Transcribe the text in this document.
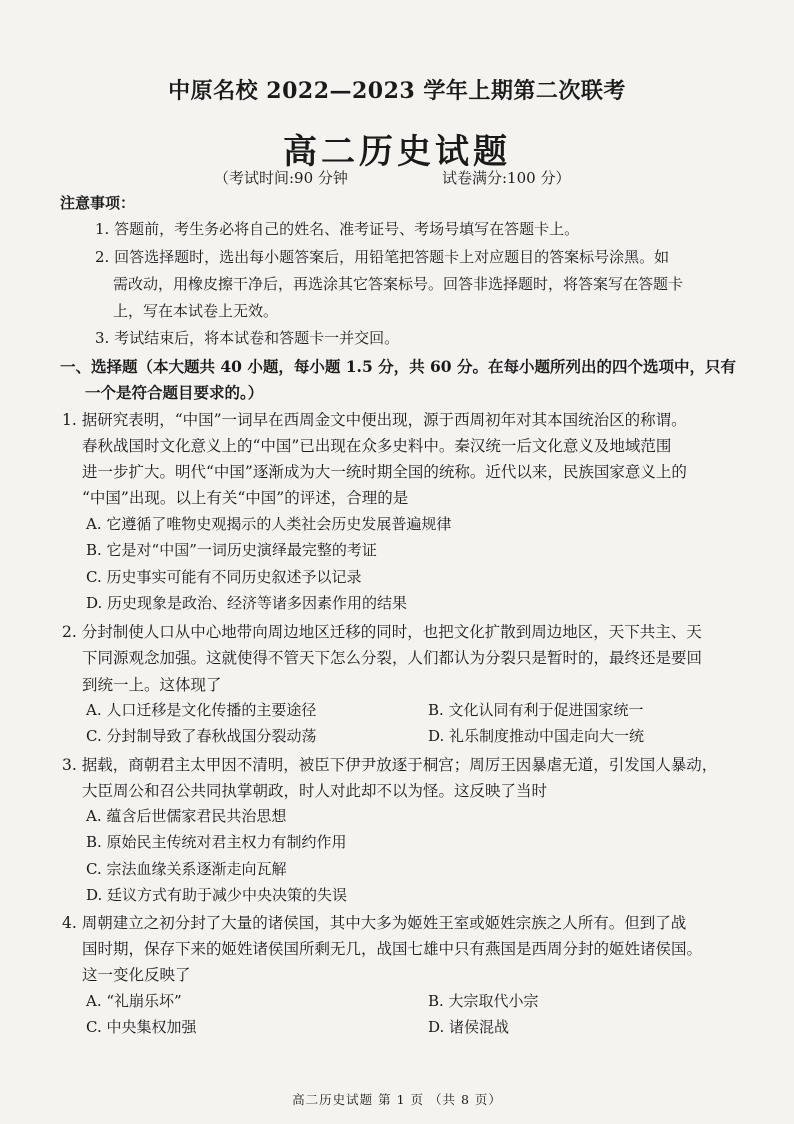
中原名校 2022—2023 学年上期第二次联考
高二历史试题
（考试时间:90 分钟	试卷满分:100 分）
注意事项：
1. 答题前，考生务必将自己的姓名、准考证号、考场号填写在答题卡上。
2. 回答选择题时，选出每小题答案后，用铅笔把答题卡上对应题目的答案标号涂黑。如
需改动，用橡皮擦干净后，再选涂其它答案标号。回答非选择题时，将答案写在答题卡
上，写在本试卷上无效。
3. 考试结束后，将本试卷和答题卡一并交回。
一、选择题（本大题共 40 小题，每小题 1.5 分，共 60 分。在每小题所列出的四个选项中，只有
一个是符合题目要求的。）
1. 据研究表明，“中国”一词早在西周金文中便出现，源于西周初年对其本国统治区的称谓。
春秋战国时文化意义上的“中国”已出现在众多史料中。秦汉统一后文化意义及地域范围
进一步扩大。明代“中国”逐渐成为大一统时期全国的统称。近代以来，民族国家意义上的
“中国”出现。以上有关“中国”的评述，合理的是
A. 它遵循了唯物史观揭示的人类社会历史发展普遍规律
B. 它是对“中国”一词历史演绎最完整的考证
C. 历史事实可能有不同历史叙述予以记录
D. 历史现象是政治、经济等诸多因素作用的结果
2. 分封制使人口从中心地带向周边地区迁移的同时，也把文化扩散到周边地区，天下共主、天
下同源观念加强。这就使得不管天下怎么分裂，人们都认为分裂只是暂时的，最终还是要回
到统一上。这体现了
A. 人口迁移是文化传播的主要途径	B. 文化认同有利于促进国家统一
C. 分封制导致了春秋战国分裂动荡	D. 礼乐制度推动中国走向大一统
3. 据载，商朝君主太甲因不清明，被臣下伊尹放逐于桐宫；周厉王因暴虐无道，引发国人暴动，
大臣周公和召公共同执掌朝政，时人对此却不以为怪。这反映了当时
A. 蕴含后世儒家君民共治思想
B. 原始民主传统对君主权力有制约作用
C. 宗法血缘关系逐渐走向瓦解
D. 廷议方式有助于减少中央决策的失误
4. 周朝建立之初分封了大量的诸侯国，其中大多为姬姓王室或姬姓宗族之人所有。但到了战
国时期，保存下来的姬姓诸侯国所剩无几，战国七雄中只有燕国是西周分封的姬姓诸侯国。
这一变化反映了
A. “礼崩乐坏”	B. 大宗取代小宗
C. 中央集权加强	D. 诸侯混战
高二历史试题 第 1 页 （共 8 页）
